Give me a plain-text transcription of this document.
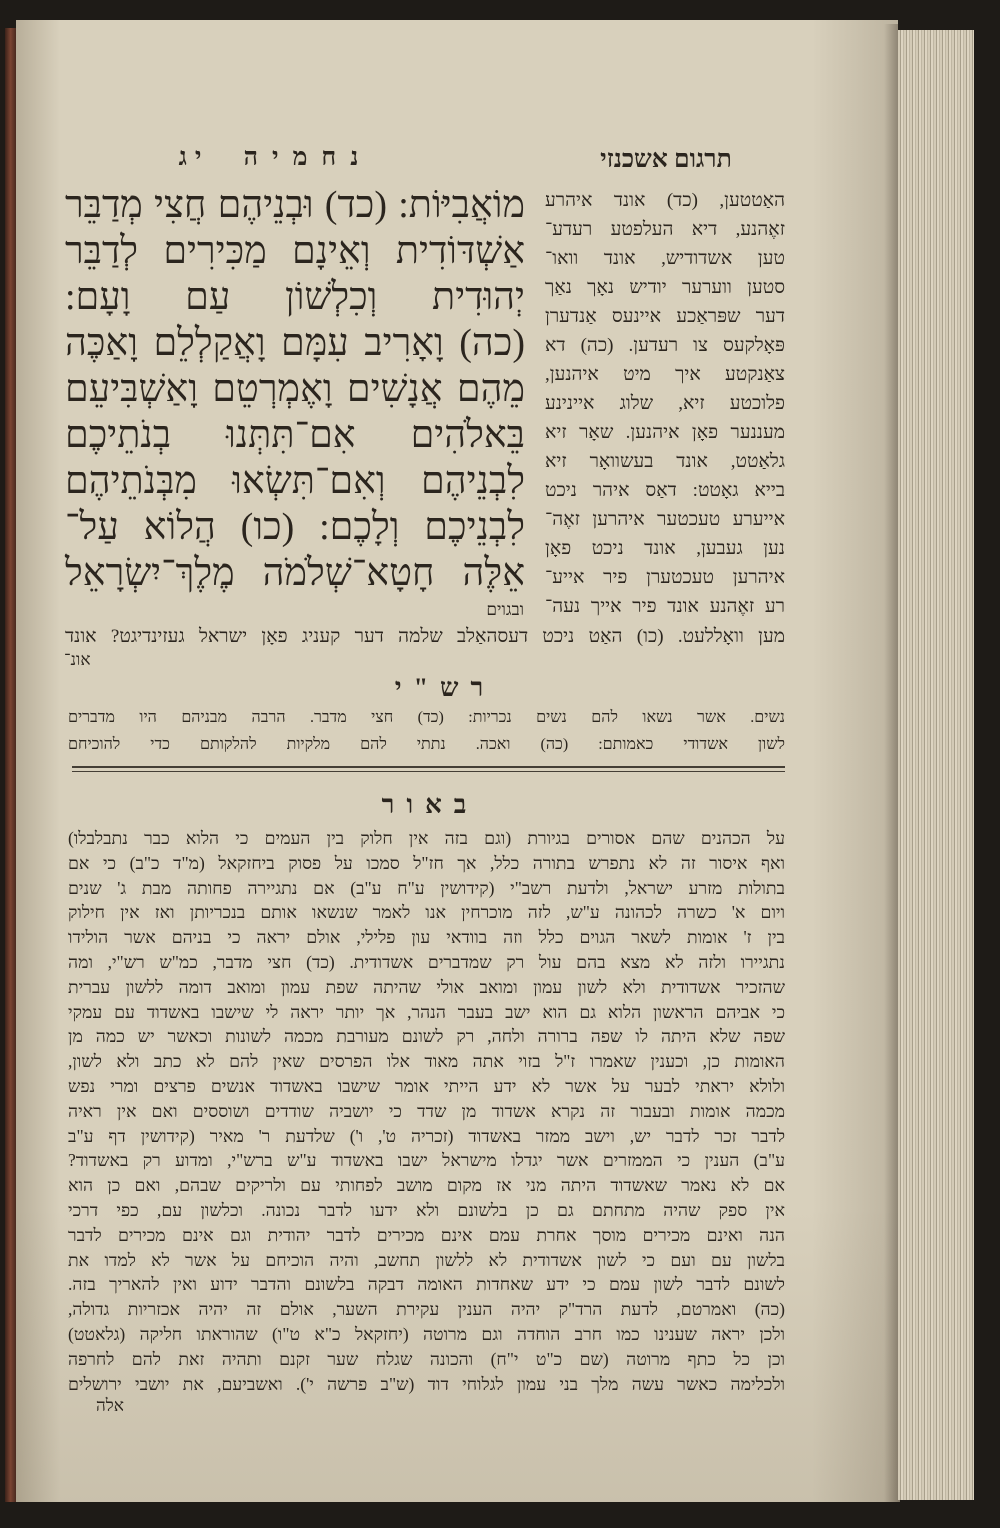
תרגום אשכנזי
נחמיה
יג
מוֹאֲבִיּוֹת: (כד) וּבְנֵיהֶם חֲצִי מְדַבֵּר
אַשְׁדּוֹדִית וְאֵינָם מַכִּירִים לְדַבֵּר
יְהוּדִית וְכִלְשׁוֹן עַם וָעָם:
(כה) וָאָרִיב עִמָּם וָאֲקַלְלֵם וָאַכֶּה
מֵהֶם אֲנָשִׁים וָאֶמְרְטֵם וָאַשְׁבִּיעֵם
בֵּאלֹהִים אִם־תִּתְּנוּ בְנֹתֵיכֶם
לִבְנֵיהֶם וְאִם־תִּשְׂאוּ מִבְּנֹתֵיהֶם
לִבְנֵיכֶם וְלָכֶם: (כו) הֲלוֹא עַל־
אֵלֶּה חָטָא־שְׁלֹמֹה מֶלֶךְ־יִשְׂרָאֵל
ובגוים
האַטטען, (כד) אונד איהרע
זאֶהנע, דיא העלפטע רעדע־
טען אשדודיש, אונד וואו־
סטען ווערער יודיש נאָך נאַך
דער שפּראַכע איינעס אַנדערן
פּאָלקעס צו רעדען. (כה) דא
צאַנקטע איך מיט איהנען,
פלוכטע זיא, שלוג איינינע
מעננער פאָן איהנען. שאָר זיא
גלאַטט, אונד בעשוואָר זיא
בייא גאָטט: דאַס איהר ניכט
אייערע טעכטער איהרען זאֶה־
נען געבען, אונד ניכט פאָן
איהרען טעכטערן פיר אייע־
רע זאֶהנע אונד פיר אייך נעה־
מען וואָללעט. (כו) האַט ניכט דעסהאַלב שלמה דער קעניג פאָן ישראל געזינדיגט? אונד
אונ־
רש"י
נשים. אשר נשאו להם נשים נכריות: (כד) חצי מדבר. הרבה מבניהם היו מדברים
לשון אשדודי כאמותם: (כה) ואכה. נתתי להם מלקיות להלקותם כדי להוכיחם
באור
על הכהנים שהם אסורים בגיורת (וגם בזה אין חלוק בין העמים כי הלוא כבר נתבלבלו)
ואף איסור זה לא נתפרש בתורה כלל, אך חז"ל סמכו על פסוק ביחזקאל (מ"ד כ"ב) כי אם
בתולות מזרע ישראל, ולדעת רשב"י (קידושין ע"ח ע"ב) אם נתגיירה פחותה מבת ג' שנים
ויום א' כשרה לכהונה ע"ש, לזה מוכרחין אנו לאמר שנשאו אותם בנכריותן ואז אין חילוק
בין ז' אומות לשאר הגוים כלל וזה בוודאי עון פלילי, אולם יראה כי בניהם אשר הולידו
נתגיירו ולזה לא מצא בהם עול רק שמדברים אשדודית. (כד) חצי מדבר, כמ"ש רש"י, ומה
שהזכיר אשדודית ולא לשון עמון ומואב אולי שהיתה שפת עמון ומואב דומה ללשון עברית
כי אביהם הראשון הלוא גם הוא ישב בעבר הנהר, אך יותר יראה לי שישבו באשדוד עם עמקי
שפה שלא היתה לו שפה ברורה ולחה, רק לשונם מעורבת מכמה לשונות וכאשר יש כמה מן
האומות כן, וכענין שאמרו ז"ל בזוי אתה מאוד אלו הפרסים שאין להם לא כתב ולא לשון,
ולולא יראתי לבער על אשר לא ידע הייתי אומר שישבו באשדוד אנשים פרצים ומרי נפש
מכמה אומות ובעבור זה נקרא אשדוד מן שדד כי יושביה שודדים ושוססים ואם אין ראיה
לדבר זכר לדבר יש, וישב ממזר באשדוד (זכריה ט', ו') שלדעת ר' מאיר (קידושין דף ע"ב
ע"ב) הענין כי הממזרים אשר יגדלו מישראל ישבו באשדוד ע"ש ברש"י, ומדוע רק באשדוד?
אם לא נאמר שאשדוד היתה מני אז מקום מושב לפחותי עם ולריקים שבהם, ואם כן הוא
אין ספק שהיה מתחתם גם כן בלשונם ולא ידעו לדבר נכונה. וכלשון עם, כפי דרכי
הנה ואינם מכירים מוסך אחרת עמם אינם מכירים לדבר יהודית וגם אינם מכירים לדבר
בלשון עם ועם כי לשון אשדודית לא ללשון תחשב, והיה הוכיחם על אשר לא למדו את
לשונם לדבר לשון עמם כי ידע שאחדות האומה דבקה בלשונם והדבר ידוע ואין להאריך בזה.
(כה) ואמרטם, לדעת הרד"ק יהיה הענין עקירת השער, אולם זה יהיה אכזריות גדולה,
ולכן יראה שענינו כמו חרב הוחדה וגם מרוטה (יחזקאל כ"א ט"ו) שהוראתו חליקה (גלאטט)
וכן כל כתף מרוטה (שם כ"ט י"ח) והכונה שגלח שער זקנם ותהיה זאת להם לחרפה
ולכלימה כאשר עשה מלך בני עמון לגלוחי דוד (ש"ב פרשה י'). ואשביעם, את יושבי ירושלים
אלה
